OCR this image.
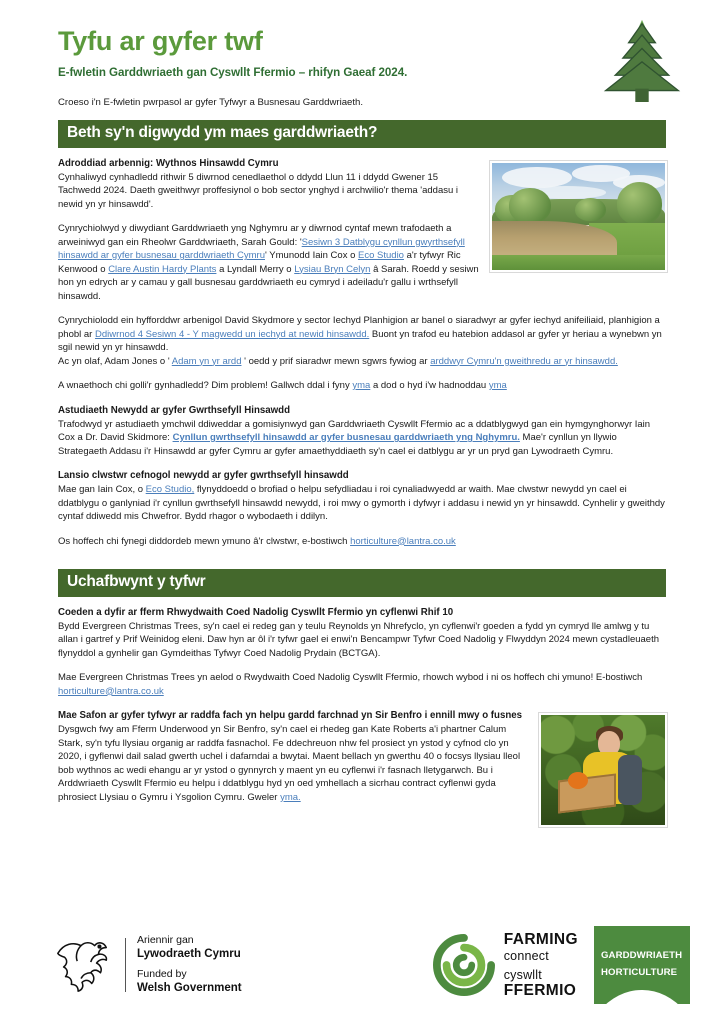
Tyfu ar gyfer twf
E-fwletin Garddwriaeth gan Cyswllt Ffermio – rhifyn Gaeaf 2024.
Croeso i'n E-fwletin pwrpasol ar gyfer Tyfwyr a Busnesau Garddwriaeth.
Beth sy'n digwydd ym maes garddwriaeth?
Adroddiad arbennig: Wythnos Hinsawdd Cymru

Cynhaliwyd cynhadledd rithwir 5 diwrnod cenedlaethol o ddydd Llun 11 i ddydd Gwener 15 Tachwedd 2024. Daeth gweithwyr proffesiynol o bob sector ynghyd i archwilio'r thema 'addasu i newid yn yr hinsawdd'.

Cynrychiolwyd y diwydiant Garddwriaeth yng Nghymru ar y diwrnod cyntaf mewn trafodaeth a arweiniwyd gan ein Rheolwr Garddwriaeth, Sarah Gould: 'Sesiwn 3 Datblygu cynllun gwyrthsefyll hinsawdd ar gyfer busnesau garddwriaeth Cymru' Ymunodd Iain Cox o Eco Studio a'r tyfwyr Ric Kenwood o Clare Austin Hardy Plants a Lyndall Merry o Lysiau Bryn Celyn â Sarah. Roedd y sesiwn hon yn edrych ar y camau y gall busnesau garddwriaeth eu cymryd i adeiladu'r gallu i wrthsefyll hinsawdd.

Cynrychiolodd ein hyfforddwr arbenigol David Skydmore y sector Iechyd Planhigion ar banel o siaradwyr ar gyfer iechyd anifeiliaid, planhigion a phobl ar Ddiwrnod 4 Sesiwn 4 - Y magwedd un iechyd at newid hinsawdd. Buont yn trafod eu hatebion addasol ar gyfer yr heriau a wynebwn yn sgil newid yn yr hinsawdd.

Ac yn olaf, Adam Jones o ' Adam yn yr ardd ' oedd y prif siaradwr mewn sgwrs fywiog ar arddwyr Cymru'n gweithredu ar yr hinsawdd.

A wnaethoch chi golli'r gynhadledd? Dim problem! Gallwch ddal i fyny yma a dod o hyd i'w hadnoddau yma

Astudiaeth Newydd ar gyfer Gwrthsefyll Hinsawdd

Trafodwyd yr astudiaeth ymchwil ddiweddar a gomisiynwyd gan Garddwriaeth Cyswllt Ffermio ac a ddatblygwyd gan ein hymgynghorwyr Iain Cox a Dr. David Skidmore: Cynllun gwrthsefyll hinsawdd ar gyfer busnesau garddwriaeth yng Nghymru. Mae'r cynllun yn llywio Strategaeth Addasu i'r Hinsawdd ar gyfer Cymru ar gyfer amaethyddiaeth sy'n cael ei datblygu ar yr un pryd gan Lywodraeth Cymru.

Lansio clwstwr cefnogol newydd ar gyfer gwrthsefyll hinsawdd

Mae gan Iain Cox, o Eco Studio, flynyddoedd o brofiad o helpu sefydliadau i roi cynaliadwyedd ar waith. Mae clwstwr newydd yn cael ei ddatblygu o ganlyniad i'r cynllun gwrthsefyll hinsawdd newydd, i roi mwy o gymorth i dyfwyr i addasu i newid yn yr hinsawdd. Cynhelir y gweithdy cyntaf ddiwedd mis Chwefror. Bydd rhagor o wybodaeth i ddilyn.

Os hoffech chi fynegi diddordeb mewn ymuno â'r clwstwr, e-bostiwch horticulture@lantra.co.uk

Uchafbwynt y tyfwr
Coeden a dyfir ar fferm Rhwydwaith Coed Nadolig Cyswllt Ffermio yn cyflenwi Rhif 10

Bydd Evergreen Christmas Trees, sy'n cael ei redeg gan y teulu Reynolds yn Nhrefyclo, yn cyflenwi'r goeden a fydd yn cymryd lle amlwg y tu allan i gartref y Prif Weinidog eleni. Daw hyn ar ôl i'r tyfwr gael ei enwi'n Bencampwr Tyfwr Coed Nadolig y Flwyddyn 2024 mewn cystadleuaeth flynyddol a gynhelir gan Gymdeithas Tyfwyr Coed Nadolig Prydain (BCTGA).

Mae Evergreen Christmas Trees yn aelod o Rwydwaith Coed Nadolig Cyswllt Ffermio, rhowch wybod i ni os hoffech chi ymuno! E-bostiwch horticulture@lantra.co.uk

Mae Safon ar gyfer tyfwyr ar raddfa fach yn helpu gardd farchnad yn Sir Benfro i ennill mwy o fusnes

Dysgwch fwy am Fferm Underwood yn Sir Benfro, sy'n cael ei rhedeg gan Kate Roberts a'i phartner Calum Stark, sy'n tyfu llysiau organig ar raddfa fasnachol. Fe ddechreuon nhw fel prosiect yn ystod y cyfnod clo yn 2020, i gyflenwi dail salad gwerth uchel i dafarndai a bwytai. Maent bellach yn gwerthu 40 o focsys llysiau lleol bob wythnos ac wedi ehangu ar yr ystod o gynnyrch y maent yn eu cyflenwi i'r fasnach lletygarwch. Bu i Arddwriaeth Cyswllt Ffermio eu helpu i ddatblygu hyd yn oed ymhellach a sicrhau contract cyflenwi gyda phrosiect Llysiau o Gymru i Ysgolion Cymru. Gweler yma.

Ariennir gan
Lywodraeth Cymru
Funded by
Welsh Government
FARMING
connect
cyswllt
FFERMIO
GARDDWRIAETH
HORTICULTURE
